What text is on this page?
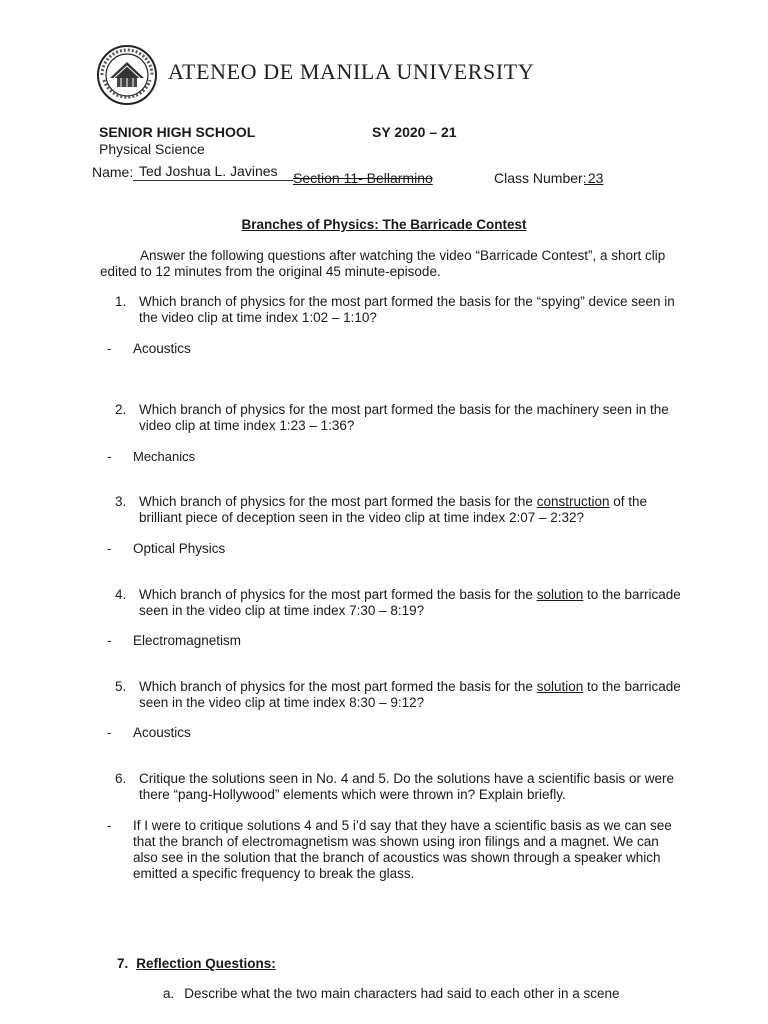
ATENEO DE MANILA UNIVERSITY
SENIOR HIGH SCHOOL	SY 2020 – 21
Physical Science
Name: Ted Joshua L. Javines Section 11- Bellarmino	Class Number: 23
Branches of Physics: The Barricade Contest
Answer the following questions after watching the video “Barricade Contest”, a short clip edited to 12 minutes from the original 45 minute-episode.
1. Which branch of physics for the most part formed the basis for the “spying” device seen in the video clip at time index 1:02 – 1:10?
- Acoustics
2. Which branch of physics for the most part formed the basis for the machinery seen in the video clip at time index 1:23 – 1:36?
- Mechanics
3. Which branch of physics for the most part formed the basis for the construction of the brilliant piece of deception seen in the video clip at time index 2:07 – 2:32?
- Optical Physics
4. Which branch of physics for the most part formed the basis for the solution to the barricade seen in the video clip at time index 7:30 – 8:19?
- Electromagnetism
5. Which branch of physics for the most part formed the basis for the solution to the barricade seen in the video clip at time index 8:30 – 9:12?
- Acoustics
6. Critique the solutions seen in No. 4 and 5. Do the solutions have a scientific basis or were there “pang-Hollywood” elements which were thrown in? Explain briefly.
- If I were to critique solutions 4 and 5 i’d say that they have a scientific basis as we can see that the branch of electromagnetism was shown using iron filings and a magnet. We can also see in the solution that the branch of acoustics was shown through a speaker which emitted a specific frequency to break the glass.
7. Reflection Questions:
a. Describe what the two main characters had said to each other in a scene
